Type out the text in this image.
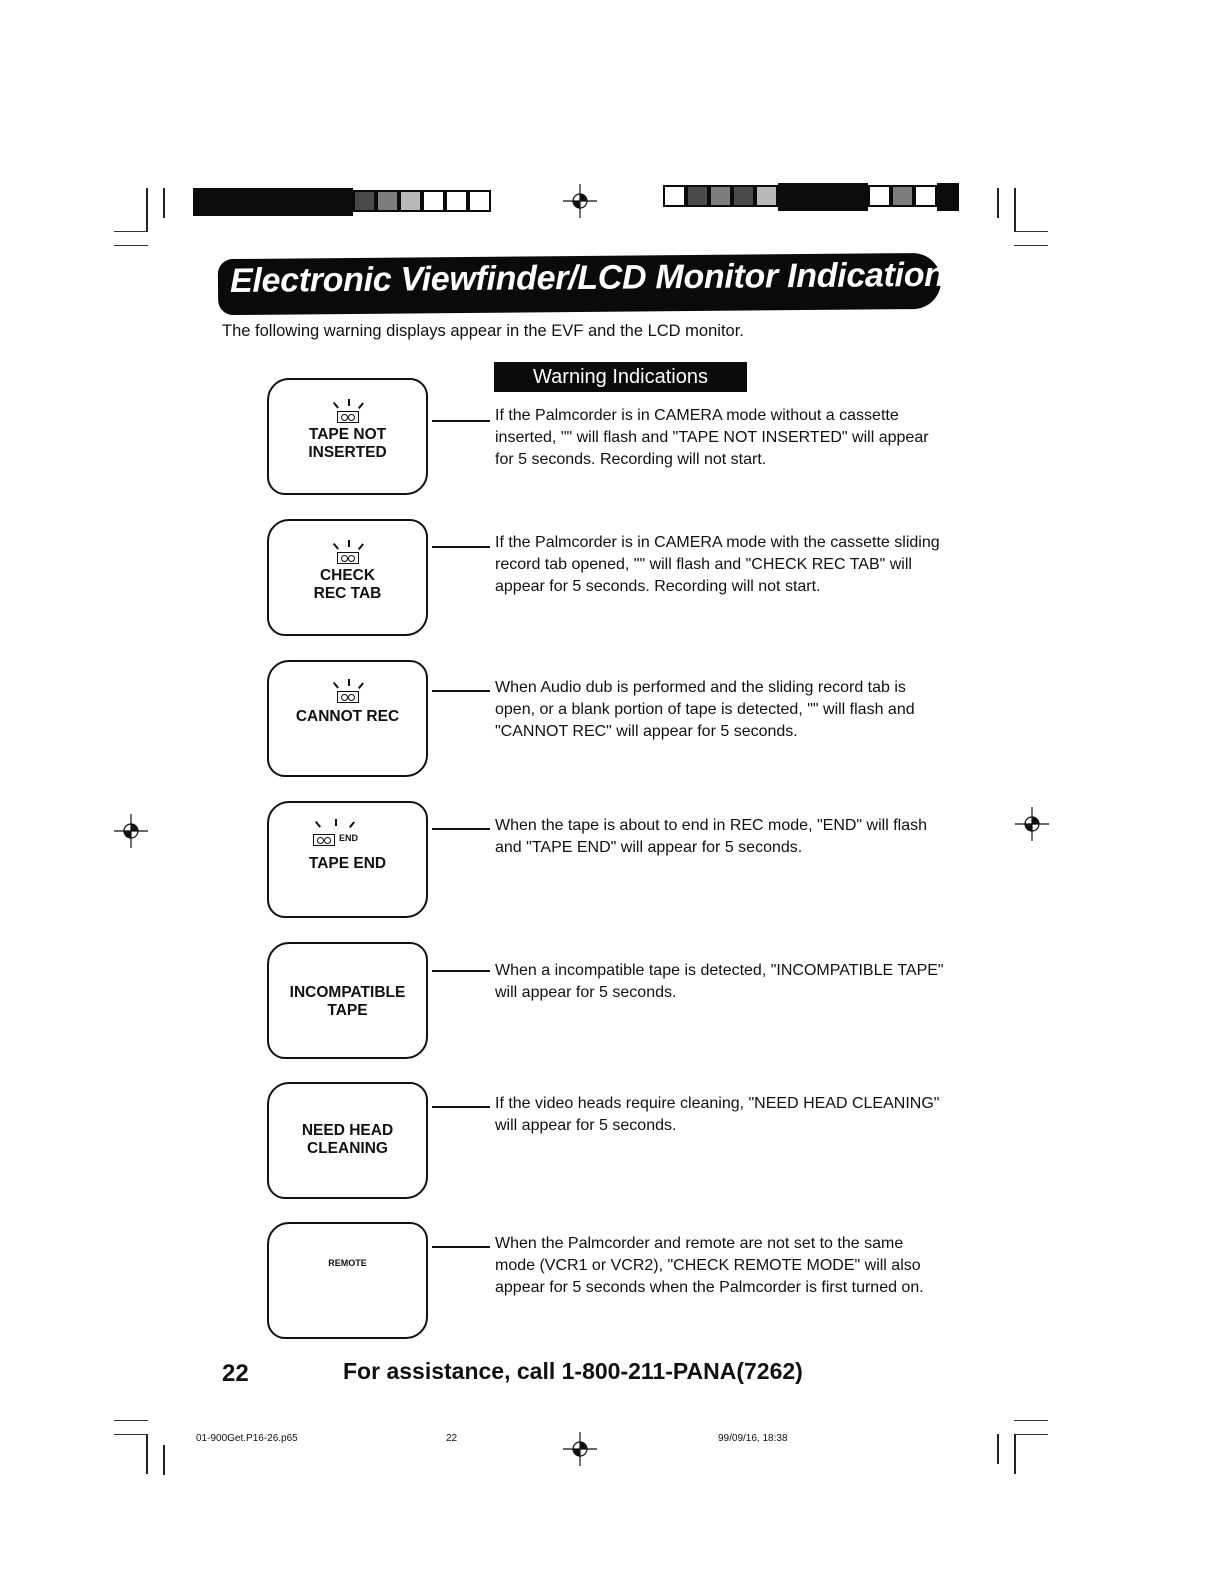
Electronic Viewfinder/LCD Monitor Indications
The following warning displays appear in the EVF and the LCD monitor.
Warning Indications
TAPE NOT
INSERTED
If the Palmcorder is in CAMERA mode without a cassette inserted, "" will flash and "TAPE NOT INSERTED" will appear for 5 seconds. Recording will not start.
CHECK
REC TAB
If the Palmcorder is in CAMERA mode with the cassette sliding record tab opened, "" will flash and "CHECK REC TAB" will appear for 5 seconds. Recording will not start.
CANNOT REC
When Audio dub is performed and the sliding record tab is open, or a blank portion of tape is detected, "" will flash and "CANNOT REC" will appear for 5 seconds.
END
TAPE END
When the tape is about to end in REC mode, "END" will flash and "TAPE END" will appear for 5 seconds.
INCOMPATIBLE
TAPE
When a incompatible tape is detected, "INCOMPATIBLE TAPE" will appear for 5 seconds.
NEED HEAD
CLEANING
If the video heads require cleaning, "NEED HEAD CLEANING" will appear for 5 seconds.
REMOTE
When the Palmcorder and remote are not set to the same mode (VCR1 or VCR2), "CHECK REMOTE MODE" will also appear for 5 seconds when the Palmcorder is first turned on.
22	For assistance, call 1-800-211-PANA(7262)
01-900Get.P16-26.p65	22	99/09/16, 18:38
